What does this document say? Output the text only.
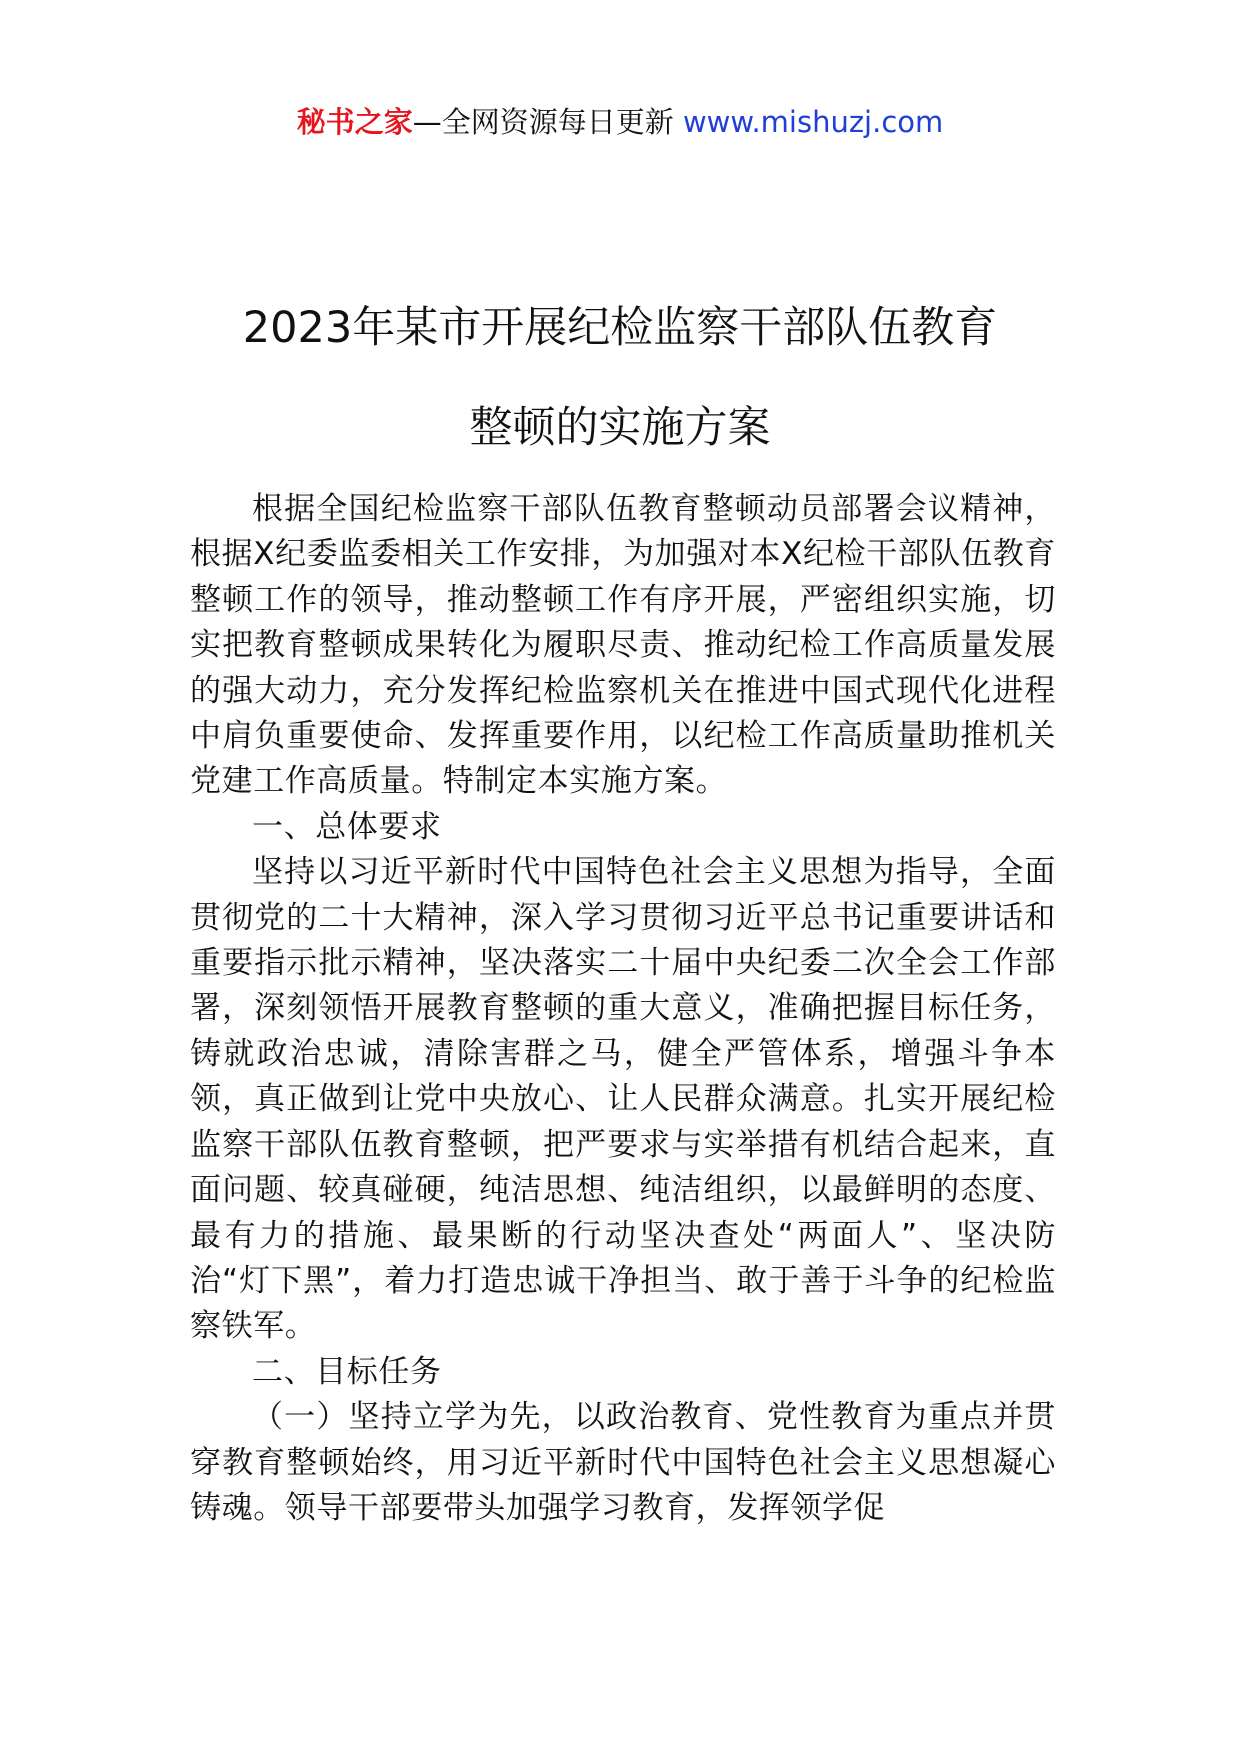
秘书之家—全网资源每日更新 www.mishuzj.com
2023年某市开展纪检监察干部队伍教育
整顿的实施方案

根据全国纪检监察干部队伍教育整顿动员部署会议精神，根据X纪委监委相关工作安排，为加强对本X纪检干部队伍教育整顿工作的领导，推动整顿工作有序开展，严密组织实施，切实把教育整顿成果转化为履职尽责、推动纪检工作高质量发展的强大动力，充分发挥纪检监察机关在推进中国式现代化进程中肩负重要使命、发挥重要作用，以纪检工作高质量助推机关党建工作高质量。特制定本实施方案。

一、总体要求

坚持以习近平新时代中国特色社会主义思想为指导，全面贯彻党的二十大精神，深入学习贯彻习近平总书记重要讲话和重要指示批示精神，坚决落实二十届中央纪委二次全会工作部署，深刻领悟开展教育整顿的重大意义，准确把握目标任务，铸就政治忠诚，清除害群之马，健全严管体系，增强斗争本领，真正做到让党中央放心、让人民群众满意。扎实开展纪检监察干部队伍教育整顿，把严要求与实举措有机结合起来，直面问题、较真碰硬，纯洁思想、纯洁组织，以最鲜明的态度、最有力的措施、最果断的行动坚决查处“两面人”、坚决防治“灯下黑”，着力打造忠诚干净担当、敢于善于斗争的纪检监察铁军。

二、目标任务

（一）坚持立学为先，以政治教育、党性教育为重点并贯穿教育整顿始终，用习近平新时代中国特色社会主义思想凝心铸魂。领导干部要带头加强学习教育，发挥领学促
